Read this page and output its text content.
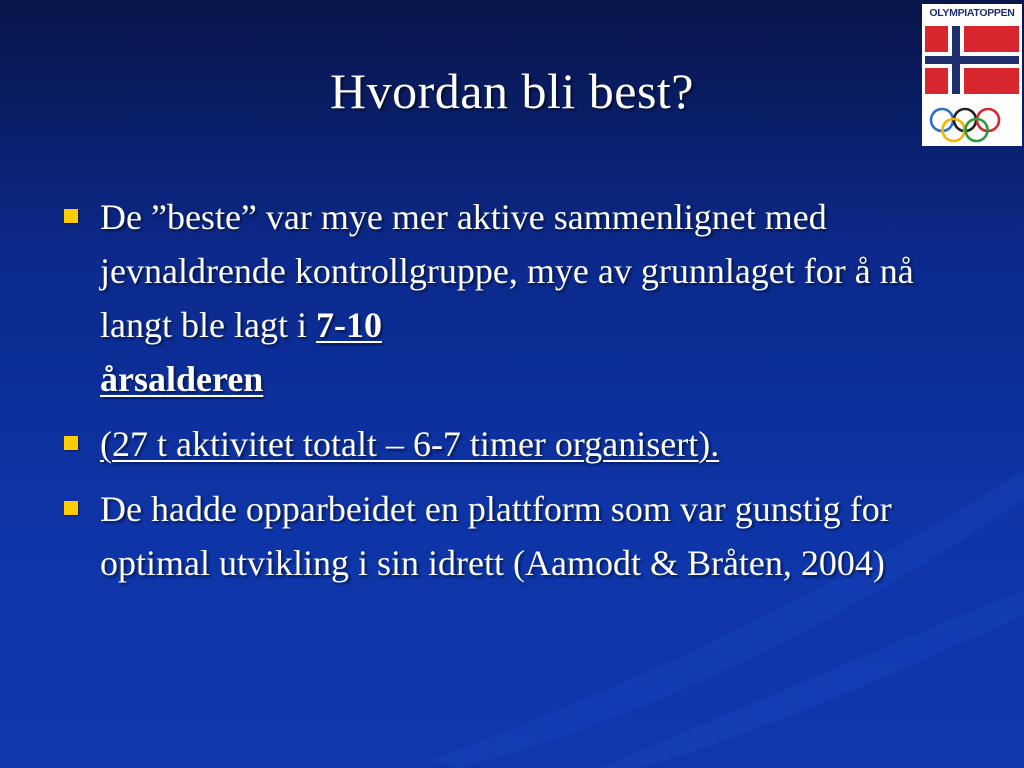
Hvordan bli best?
OLYMPIATOPPEN
De ”beste” var mye mer aktive sammenlignet med jevnaldrende kontrollgruppe, mye av grunnlaget for å nå langt ble lagt i 7-10
årsalderen
(27 t aktivitet totalt – 6-7 timer organisert).
De hadde opparbeidet en plattform som var gunstig for optimal utvikling i sin idrett (Aamodt & Bråten, 2004)
